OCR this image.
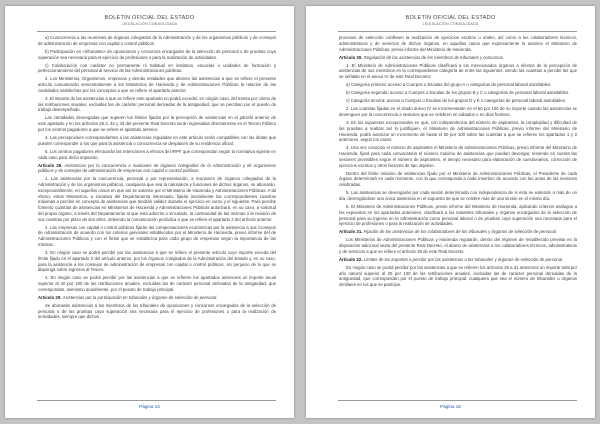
BOLETÍN OFICIAL DEL ESTADO
LEGISLACIÓN CONSOLIDADA

a) Concurrencia a las reuniones de órganos colegiados de la Administración y de los organismos públicos y de consejos de administración de empresas con capital o control públicos.

b) Participación en «tribunales» de oposiciones y concursos encargados de la selección de personal o de pruebas cuya superación sea necesaria para el ejercicio de profesiones o para la realización de actividades.

c) Colaboración con carácter no permanente ni habitual en institutos, escuelas o unidades de formación y perfeccionamiento del personal al servicio de las Administraciones públicas.

2. Los Ministerios, Organismos, empresas y demás entidades que abonen las asistencias a que se refiere el presente artículo comunicarán semestralmente a los Ministerios de Hacienda y de Administraciones Públicas la relación de las cantidades satisfechas por los conceptos a que se refiere el apartado anterior.

3. El importe de las asistencias a que se refiere este apartado no podrá exceder, en ningún caso, del treinta por ciento de las retribuciones anuales, excluidas las de carácter personal derivadas de la antigüedad, que se perciban por el puesto de trabajo desempeñado.

Las cantidades devengadas que superen los límites fijados por la percepción de asistencias en el párrafo anterior de este apartado y en los artículos 28.3, 32 y 33 del presente Real Decreto serán ingresadas directamente en el Tesoro Público por los centros pagadores a que se refiere el apartado anterior.

4. Las percepciones correspondientes a las asistencias reguladas en este artículo serán compatibles con las dietas que pueden corresponder a los que para la asistencia o concurrencia se desplacen de su residencia oficial.

5. Los centros pagadores efectuarán las retenciones a efectos del IRPF que correspondan según la normativa vigente en cada caso para dicho impuesto.

Artículo 28. Asistencias por la concurrencia a reuniones de órganos colegiados de la Administración y de organismos públicos y de consejos de administración de empresas con capital o control públicos.

1. Las asistencias por la concurrencia, personal o por representación, a reuniones de órganos colegiados de la Administración y de los organismos públicos, cualquiera que sea la naturaleza y funciones de dichos órganos, se abonarán, excepcionalmente, en aquellos casos en que así se autorice por el Ministerio de Hacienda y Administraciones Públicas. A tal efecto, estos Ministerios, a iniciativa del Departamento interesado, fijarán inicialmente las correspondientes cuantías máximas a percibir en concepto de asistencias que tendrán validez durante el ejercicio en curso y el siguiente. Para percibir fomento cuantías de asistencias en Ministerios de Hacienda y Administraciones Públicas autorizará, en su caso, a solicitud del propio órgano, a través del Departamento al que está adscrito o vinculado, la continuidad de las mismas o la revisión de sus cuantías por plazo de dos años, debiendo la comunicación periódica a que se refiere el apartado 2 del artículo anterior.

2. Las empresas con capital o control públicos fijarán las compensaciones económicas por la asistencia a sus Consejos de Administración de acuerdo con los criterios generales establecidos por el Ministerio de Hacienda, previo informe del de Administraciones Públicas y con el límite que se establezca para cada grupo de empresas según la importancia de las mismas.

3. En ningún caso se podrá percibir por las asistencias a que se refiere el presente artículo cuyo importe exceda del límite fijado en el apartado 3 del artículo anterior, por los órganos colegiados de la Administración del Estado y, en su caso, para la asistencia a los consejos de administración de empresas con capital o control públicos, sin perjuicio de lo que se disponga sobre ingresos al Tesoro.

4. En ningún caso se podrá percibir por las asistencias a que se refieren los apartados anteriores un importe anual superior al 40 por 100 de las retribuciones anuales, excluidas las de carácter personal derivadas de la antigüedad, que correspondan, asimismo anualmente, por el puesto de trabajo principal.

Artículo 29. Asistencias por la participación en tribunales y órganos de selección de personal.

Se abonarán asistencias a los miembros de los tribunales de oposiciones y concursos encargados de la selección de personal o de las pruebas cuya superación sea necesaria para el ejercicio de profesiones o para la realización de actividades, siempre que dichos

Página 14
BOLETÍN OFICIAL DEL ESTADO
LEGISLACIÓN CONSOLIDADA

procesos de selección conlleven la realización de ejercicios escritos u orales, así como a los colaboradores técnicos, administrativos y de servicios de dichos órganos, en aquellos casos que expresamente lo autorice el Ministerio de Administraciones Públicas, previo informe del Ministerio de Hacienda.

Artículo 30. Regulación de las asistencias de los miembros de tribunales y concursos.

1. El Ministerio de Administraciones Públicas clasificará a los mencionados órganos a efectos de la percepción de asistencias de sus miembros en la correspondiente categoría de entre las siguientes, siendo las cuantías a percibir las que se señalan en el anexo IV de este Real Decreto:

a) Categoría primera: acceso a Cuerpos o Escalas del grupo A o categorías de personal laboral asimilables.

b) Categoría segunda: acceso a Cuerpos o Escalas de los grupos B y C o categorías de personal laboral asimilables.

c) Categoría tercera: acceso a Cuerpos o Escalas de los grupos D y E o categorías de personal laboral asimilables.

2. Las cuantías fijadas en el citado anexo IV se incrementarán en el 50 por 100 de su importe cuando las asistencias se devenguen por la concurrencia a sesiones que se celebren en sábados o en días festivos.

3. En los supuestos excepcionales en que, con independencia del número de aspirantes, la complejidad y dificultad de las pruebas a realizar así lo justifiquen, el Ministerio de Administraciones Públicas, previo informe del Ministerio de Hacienda, podrá autorizar un incremento de hasta el 50 por 100 sobre las cuantías a que se refieren los apartados 1 y 2 anteriores, según los casos.

4. Una vez conocido el número de aspirantes el Ministerio de Administraciones Públicas, previo informe del Ministerio de Hacienda, fijará para cada convocatoria el número máximo de asistencias que puedan devengar, teniendo en cuenta las sesiones previsibles según el número de aspirantes, el tiempo necesario para elaboración de cuestionarios, corrección de ejercicios escritos y otros factores de tipo objetivo.

Dentro del límite máximo de asistencias fijado por el Ministerio de Administraciones Públicas, el Presidente de cada órgano determinará en cada momento, con la que corresponda a cada miembro de acuerdo con las actas de las sesiones celebradas.

5. Las asistencias se devengarán por cada sesión determinada con independencia de si ésta se extiende a más de un día, devengándose una única asistencia en el supuesto de que se celebre más de una sesión en el mismo día.

6. El Ministerio de Administraciones Públicas, previo informe del Ministerio de Hacienda, aplicando criterios análogos a los expuestos en los apartados anteriores, clasificará a los restantes tribunales y órganos encargados de la selección de personal para su ingreso en la Administración como personal laboral o de pruebas cuya superación sea necesaria para el ejercicio de profesiones o para la realización de actividades.

Artículo 31. Fijación de las asistencias de los colaboradores de los tribunales y órganos de selección de personal.

Los Ministerios de Administraciones Públicas y Hacienda regularán, dentro del régimen de restablecido previsto en la disposición adicional sexta del presente Real Decreto, el abono de asistencias a los colaboradores técnicos, administrativos y de servicios a que se refiere el artículo 29 de este Real Decreto.

Artículo 32. Límites de los importes a percibir por las asistencias a los tribunales y órganos de selección de personal.

En ningún caso se podrá percibir por las asistencias a que se refieren los artículos 29 a 31 anteriores un importe total por año natural superior al 20 por 100 de las retribuciones anuales, excluidas las de carácter personal derivadas de la antigüedad, que correspondan por el puesto de trabajo principal, cualquiera que sea el número de tribunales u órganos similares en los que se participe.

Página 15
